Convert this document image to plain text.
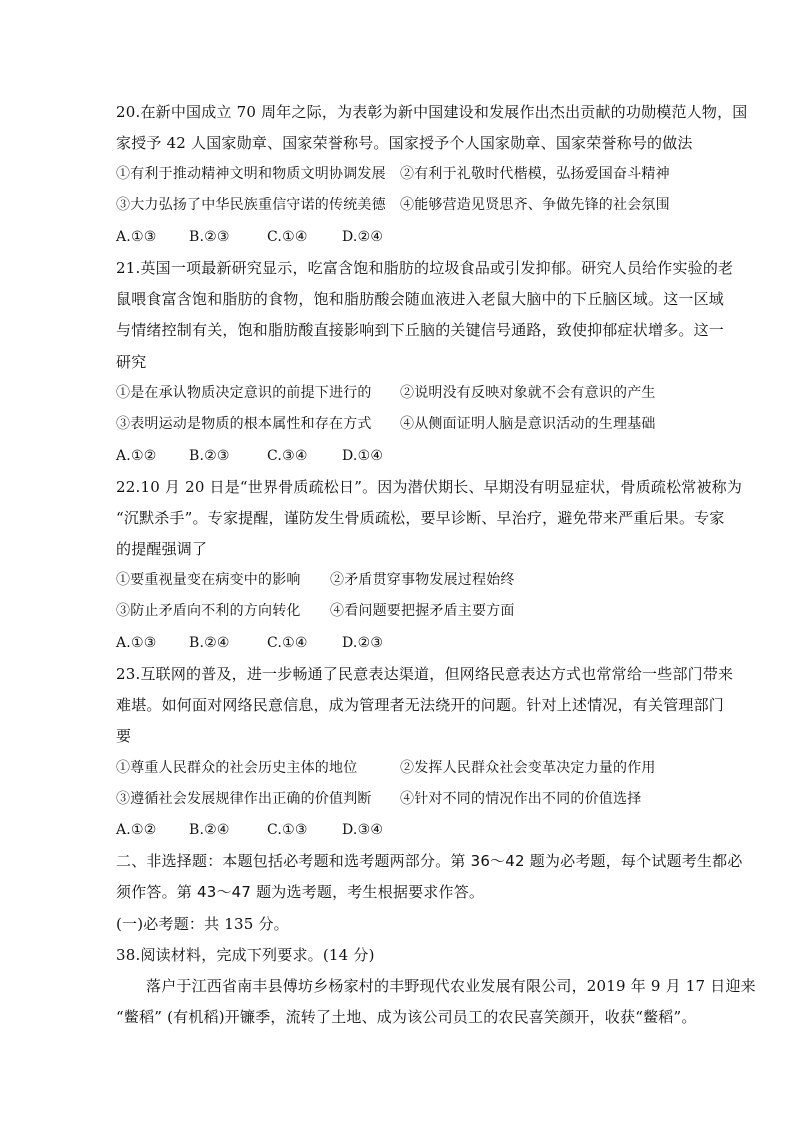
20.在新中国成立 70 周年之际，为表彰为新中国建设和发展作出杰出贡献的功勋模范人物，国
家授予 42 人国家勋章、国家荣誉称号。国家授予个人国家勋章、国家荣誉称号的做法
①有利于推动精神文明和物质文明协调发展 ②有利于礼敬时代楷模，弘扬爱国奋斗精神
③大力弘扬了中华民族重信守诺的传统美德 ④能够营造见贤思齐、争做先锋的社会氛围
A.①③ B.②③	C.①④ D.②④
21.英国一项最新研究显示，吃富含饱和脂肪的垃圾食品或引发抑郁。研究人员给作实验的老
鼠喂食富含饱和脂肪的食物，饱和脂肪酸会随血液进入老鼠大脑中的下丘脑区域。这一区域
与情绪控制有关，饱和脂肪酸直接影响到下丘脑的关键信号通路，致使抑郁症状增多。这一
研究
①是在承认物质决定意识的前提下进行的 ②说明没有反映对象就不会有意识的产生
③表明运动是物质的根本属性和存在方式 ④从侧面证明人脑是意识活动的生理基础
A.①② B.②③	C.③④ D.①④
22.10 月 20 日是“世界骨质疏松日”。因为潜伏期长、早期没有明显症状，骨质疏松常被称为
“沉默杀手”。专家提醒，谨防发生骨质疏松，要早诊断、早治疗，避免带来严重后果。专家
的提醒强调了
①要重视量变在病变中的影响 ②矛盾贯穿事物发展过程始终
③防止矛盾向不利的方向转化 ④看问题要把握矛盾主要方面
A.①③ B.②④	C.①④ D.②③
23.互联网的普及，进一步畅通了民意表达渠道，但网络民意表达方式也常常给一些部门带来
难堪。如何面对网络民意信息，成为管理者无法绕开的问题。针对上述情况，有关管理部门
要
①尊重人民群众的社会历史主体的地位	②发挥人民群众社会变革决定力量的作用
③遵循社会发展规律作出正确的价值判断 ④针对不同的情况作出不同的价值选择
A.①② B.②④	C.①③ D.③④
二、非选择题：本题包括必考题和选考题两部分。第 36～42 题为必考题，每个试题考生都必
须作答。第 43～47 题为选考题，考生根据要求作答。
(一)必考题：共 135 分。
38.阅读材料，完成下列要求。(14 分)
落户于江西省南丰县傅坊乡杨家村的丰野现代农业发展有限公司，2019 年 9 月 17 日迎来
“鳖稻” (有机稻)开镰季，流转了土地、成为该公司员工的农民喜笑颜开，收获“鳖稻”。
